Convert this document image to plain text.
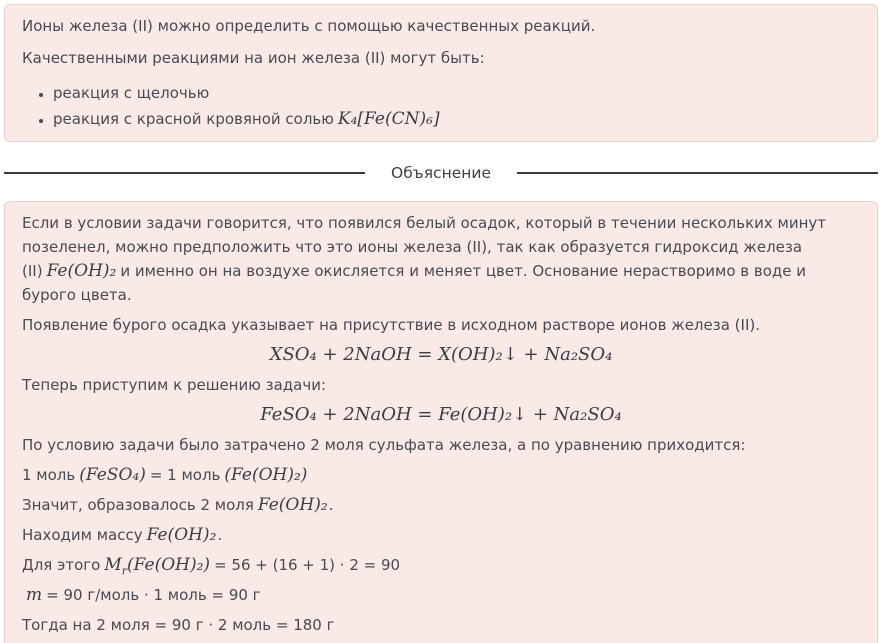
Ионы железа (II) можно определить с помощью качественных реакций.

Качественными реакциями на ион железа (II) могут быть:

• реакция с щелочью
• реакция с красной кровяной солью K₄[Fe(CN)₆]
Объяснение

Если в условии задачи говорится, что появился белый осадок, который в течении нескольких минут позеленел, можно предположить что это ионы железа (II), так как образуется гидроксид железа (II) Fe(OH)₂ и именно он на воздухе окисляется и меняет цвет. Основание нерастворимо в воде и бурого цвета.

Появление бурого осадка указывает на присутствие в исходном растворе ионов железа (II).

XSO₄ + 2NaOH = X(OH)₂↓ + Na₂SO₄

Теперь приступим к решению задачи:

FeSO₄ + 2NaOH = Fe(OH)₂↓ + Na₂SO₄

По условию задачи было затрачено 2 моля сульфата железа, а по уравнению приходится:

1 моль (FeSO₄) = 1 моль (Fe(OH)₂)

Значит, образовалось 2 моля Fe(OH)₂.

Находим массу Fe(OH)₂.

Для этого $M_r(Fe(OH)_2) = 56 + (16 + 1) \cdot 2 = 90$

m = 90 г/моль · 1 моль = 90 г

Тогда на 2 моля = 90 г · 2 моль = 180 г
